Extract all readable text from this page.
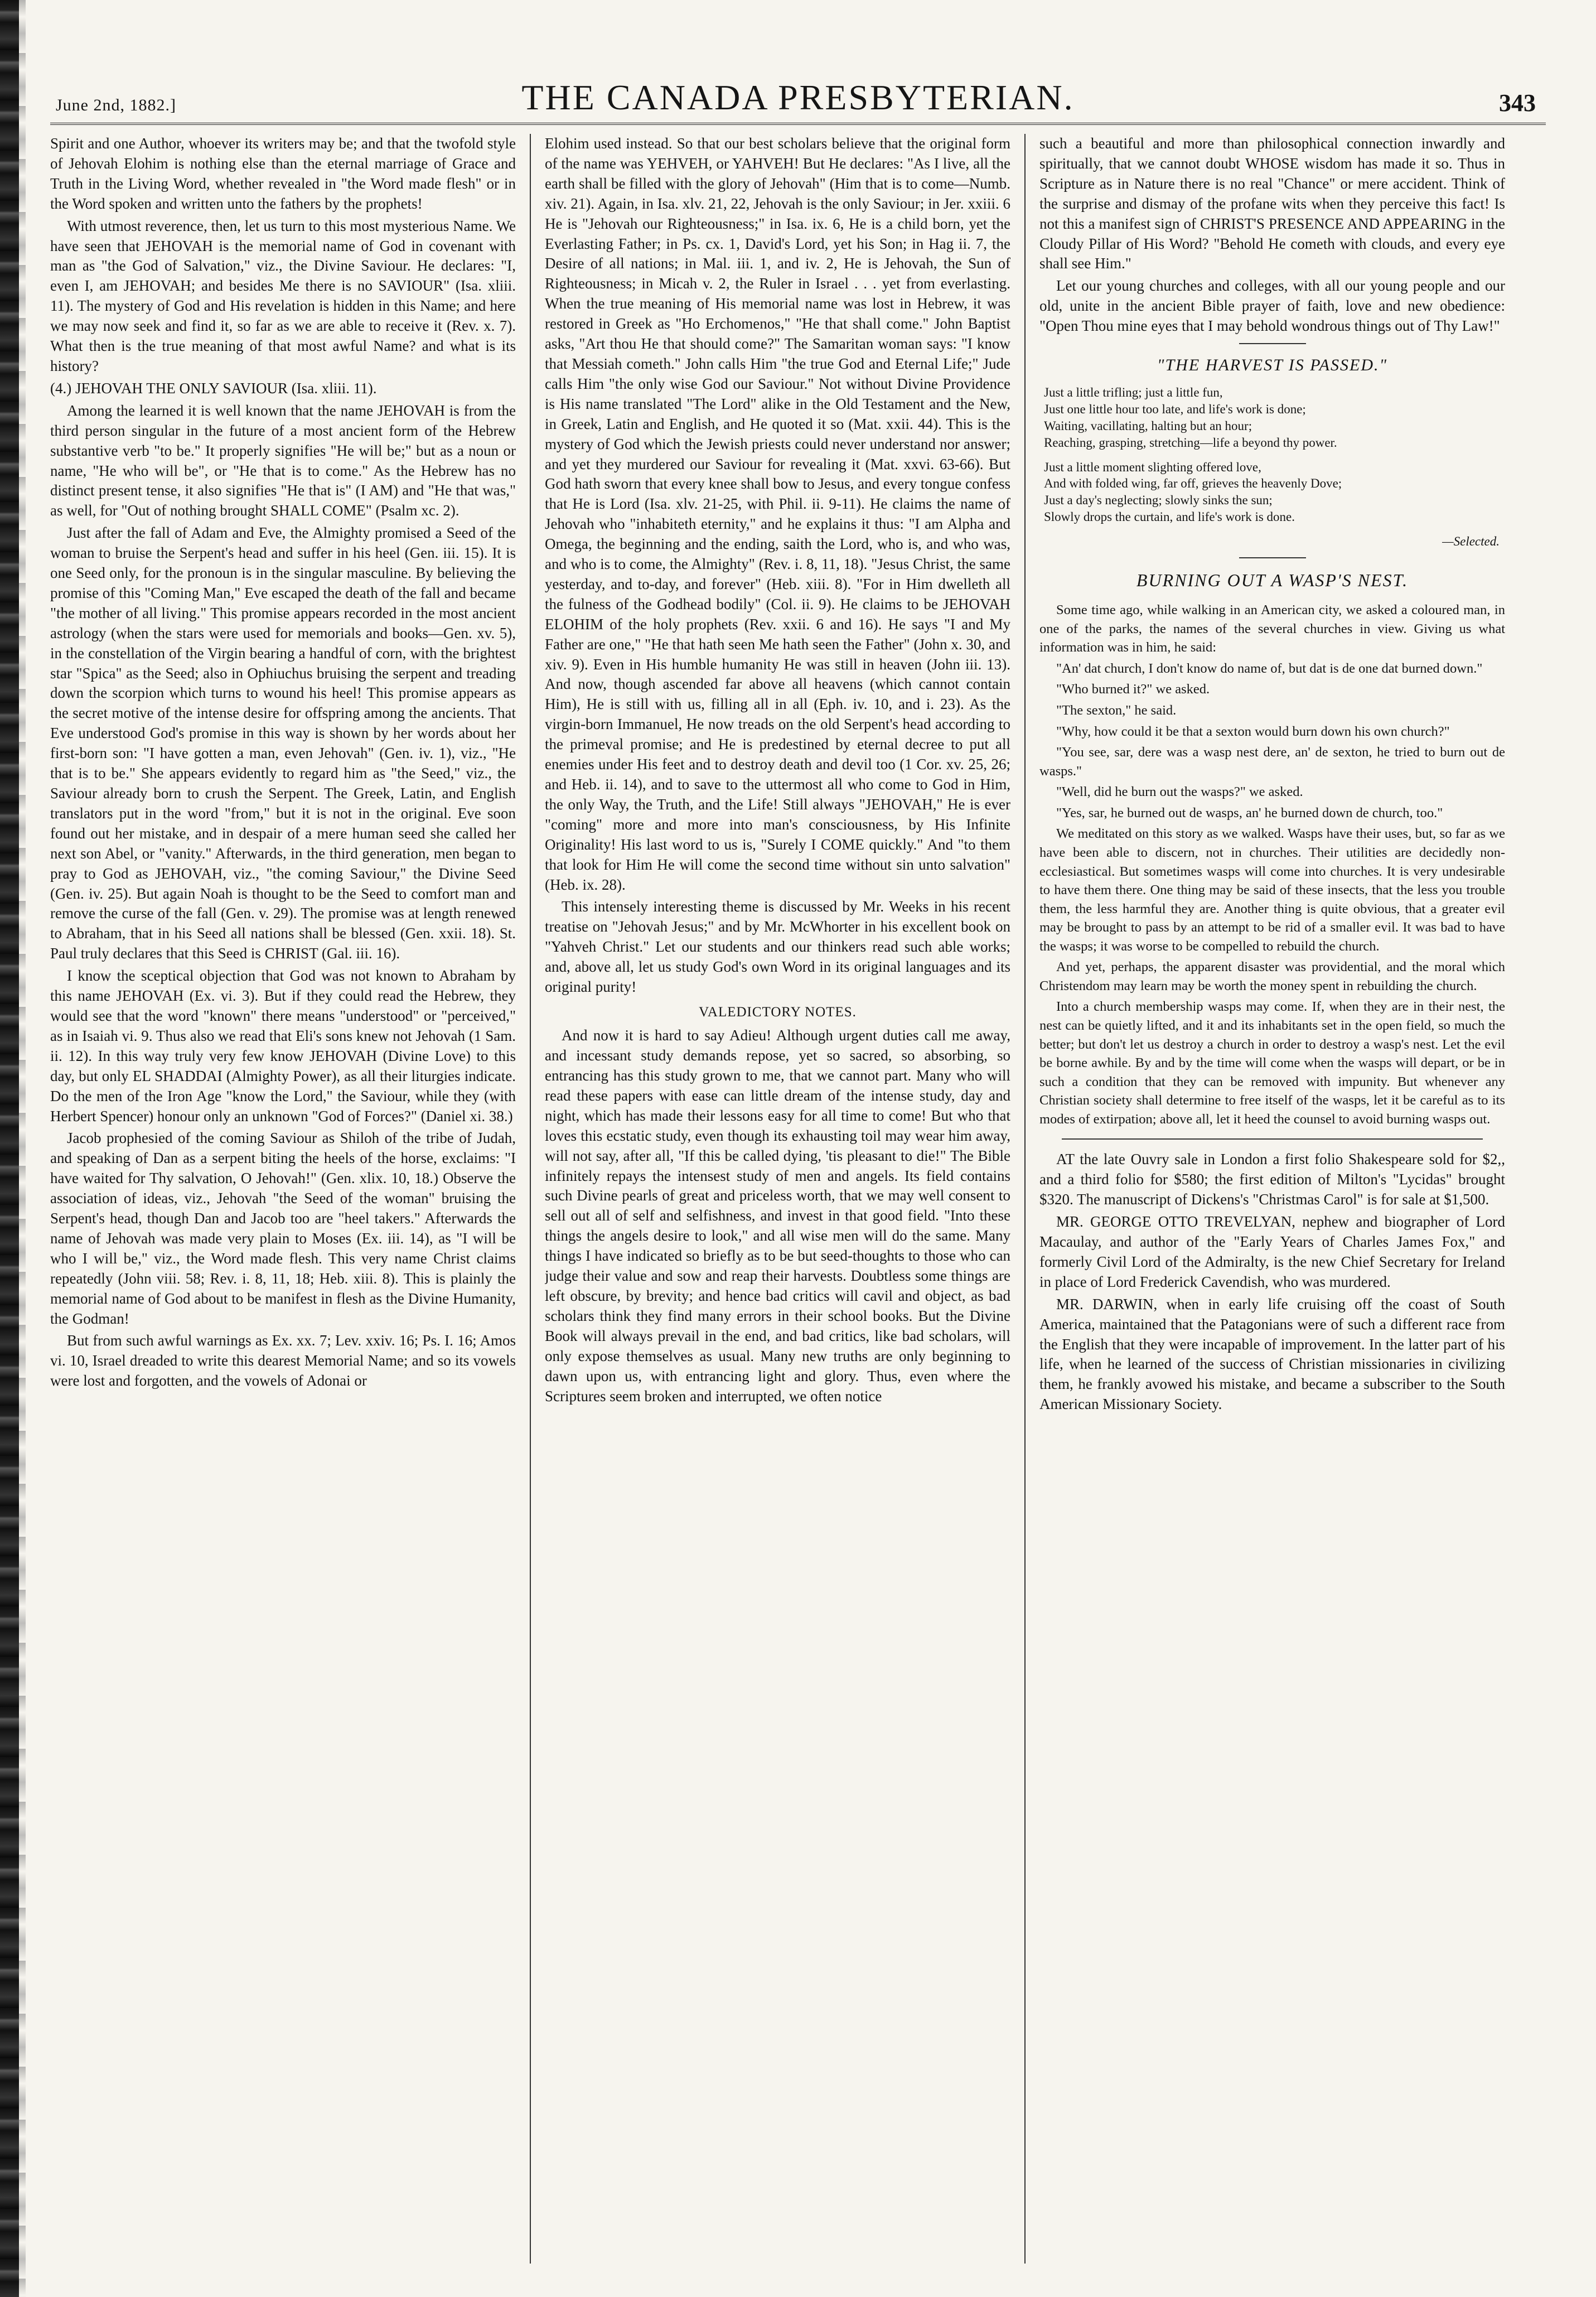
June 2nd, 1882.]	THE CANADA PRESBYTERIAN.	343

Spirit and one Author, whoever its writers may be; and that the twofold style of Jehovah Elohim is nothing else than the eternal marriage of Grace and Truth in the Living Word, whether revealed in "the Word made flesh" or in the Word spoken and written unto the fathers by the prophets!

With utmost reverence, then, let us turn to this most mysterious Name. We have seen that JEHOVAH is the memorial name of God in covenant with man as "the God of Salvation," viz., the Divine Saviour. He declares: "I, even I, am JEHOVAH; and besides Me there is no SAVIOUR" (Isa. xliii. 11). The mystery of God and His revelation is hidden in this Name; and here we may now seek and find it, so far as we are able to receive it (Rev. x. 7). What then is the true meaning of that most awful Name? and what is its history?

(4.) JEHOVAH THE ONLY SAVIOUR (Isa. xliii. 11).

Among the learned it is well known that the name JEHOVAH is from the third person singular in the future of a most ancient form of the Hebrew substantive verb "to be." It properly signifies "He will be;" but as a noun or name, "He who will be", or "He that is to come." As the Hebrew has no distinct present tense, it also signifies "He that is" (I AM) and "He that was," as well, for "Out of nothing brought SHALL COME" (Psalm xc. 2).

Just after the fall of Adam and Eve, the Almighty promised a Seed of the woman to bruise the Serpent's head and suffer in his heel (Gen. iii. 15). It is one Seed only, for the pronoun is in the singular masculine. By believing the promise of this "Coming Man," Eve escaped the death of the fall and became "the mother of all living." This promise appears recorded in the most ancient astrology (when the stars were used for memorials and books—Gen. xv. 5), in the constellation of the Virgin bearing a handful of corn, with the brightest star "Spica" as the Seed; also in Ophiuchus bruising the serpent and treading down the scorpion which turns to wound his heel! This promise appears as the secret motive of the intense desire for offspring among the ancients. That Eve understood God's promise in this way is shown by her words about her first-born son: "I have gotten a man, even Jehovah" (Gen. iv. 1), viz., "He that is to be." She appears evidently to regard him as "the Seed," viz., the Saviour already born to crush the Serpent. The Greek, Latin, and English translators put in the word "from," but it is not in the original. Eve soon found out her mistake, and in despair of a mere human seed she called her next son Abel, or "vanity." Afterwards, in the third generation, men began to pray to God as JEHOVAH, viz., "the coming Saviour," the Divine Seed (Gen. iv. 25). But again Noah is thought to be the Seed to comfort man and remove the curse of the fall (Gen. v. 29). The promise was at length renewed to Abraham, that in his Seed all nations shall be blessed (Gen. xxii. 18). St. Paul truly declares that this Seed is CHRIST (Gal. iii. 16).

I know the sceptical objection that God was not known to Abraham by this name JEHOVAH (Ex. vi. 3). But if they could read the Hebrew, they would see that the word "known" there means "understood" or "perceived," as in Isaiah vi. 9. Thus also we read that Eli's sons knew not Jehovah (1 Sam. ii. 12). In this way truly very few know JEHOVAH (Divine Love) to this day, but only EL SHADDAI (Almighty Power), as all their liturgies indicate. Do the men of the Iron Age "know the Lord," the Saviour, while they (with Herbert Spencer) honour only an unknown "God of Forces?" (Daniel xi. 38.)

Jacob prophesied of the coming Saviour as Shiloh of the tribe of Judah, and speaking of Dan as a serpent biting the heels of the horse, exclaims: "I have waited for Thy salvation, O Jehovah!" (Gen. xlix. 10, 18.) Observe the association of ideas, viz., Jehovah "the Seed of the woman" bruising the Serpent's head, though Dan and Jacob too are "heel takers." Afterwards the name of Jehovah was made very plain to Moses (Ex. iii. 14), as "I will be who I will be," viz., the Word made flesh. This very name Christ claims repeatedly (John viii. 58; Rev. i. 8, 11, 18; Heb. xiii. 8). This is plainly the memorial name of God about to be manifest in flesh as the Divine Humanity, the Godman!

But from such awful warnings as Ex. xx. 7; Lev. xxiv. 16; Ps. I. 16; Amos vi. 10, Israel dreaded to write this dearest Memorial Name; and so its vowels were lost and forgotten, and the vowels of Adonai or

Elohim used instead. So that our best scholars believe that the original form of the name was YEHVEH, or YAHVEH! But He declares: "As I live, all the earth shall be filled with the glory of Jehovah" (Him that is to come—Numb. xiv. 21). Again, in Isa. xlv. 21, 22, Jehovah is the only Saviour; in Jer. xxiii. 6 He is "Jehovah our Righteousness;" in Isa. ix. 6, He is a child born, yet the Everlasting Father; in Ps. cx. 1, David's Lord, yet his Son; in Hag ii. 7, the Desire of all nations; in Mal. iii. 1, and iv. 2, He is Jehovah, the Sun of Righteousness; in Micah v. 2, the Ruler in Israel . . . yet from everlasting. When the true meaning of His memorial name was lost in Hebrew, it was restored in Greek as "Ho Erchomenos," "He that shall come." John Baptist asks, "Art thou He that should come?" The Samaritan woman says: "I know that Messiah cometh." John calls Him "the true God and Eternal Life;" Jude calls Him "the only wise God our Saviour." Not without Divine Providence is His name translated "The Lord" alike in the Old Testament and the New, in Greek, Latin and English, and He quoted it so (Mat. xxii. 44). This is the mystery of God which the Jewish priests could never understand nor answer; and yet they murdered our Saviour for revealing it (Mat. xxvi. 63-66). But God hath sworn that every knee shall bow to Jesus, and every tongue confess that He is Lord (Isa. xlv. 21-25, with Phil. ii. 9-11). He claims the name of Jehovah who "inhabiteth eternity," and he explains it thus: "I am Alpha and Omega, the beginning and the ending, saith the Lord, who is, and who was, and who is to come, the Almighty" (Rev. i. 8, 11, 18). "Jesus Christ, the same yesterday, and to-day, and forever" (Heb. xiii. 8). "For in Him dwelleth all the fulness of the Godhead bodily" (Col. ii. 9). He claims to be JEHOVAH ELOHIM of the holy prophets (Rev. xxii. 6 and 16). He says "I and My Father are one," "He that hath seen Me hath seen the Father" (John x. 30, and xiv. 9). Even in His humble humanity He was still in heaven (John iii. 13). And now, though ascended far above all heavens (which cannot contain Him), He is still with us, filling all in all (Eph. iv. 10, and i. 23). As the virgin-born Immanuel, He now treads on the old Serpent's head according to the primeval promise; and He is predestined by eternal decree to put all enemies under His feet and to destroy death and devil too (1 Cor. xv. 25, 26; and Heb. ii. 14), and to save to the uttermost all who come to God in Him, the only Way, the Truth, and the Life! Still always "JEHOVAH," He is ever "coming" more and more into man's consciousness, by His Infinite Originality! His last word to us is, "Surely I COME quickly." And "to them that look for Him He will come the second time without sin unto salvation" (Heb. ix. 28).

This intensely interesting theme is discussed by Mr. Weeks in his recent treatise on "Jehovah Jesus;" and by Mr. McWhorter in his excellent book on "Yahveh Christ." Let our students and our thinkers read such able works; and, above all, let us study God's own Word in its original languages and its original purity!

VALEDICTORY NOTES.

And now it is hard to say Adieu! Although urgent duties call me away, and incessant study demands repose, yet so sacred, so absorbing, so entrancing has this study grown to me, that we cannot part. Many who will read these papers with ease can little dream of the intense study, day and night, which has made their lessons easy for all time to come! But who that loves this ecstatic study, even though its exhausting toil may wear him away, will not say, after all, "If this be called dying, 'tis pleasant to die!" The Bible infinitely repays the intensest study of men and angels. Its field contains such Divine pearls of great and priceless worth, that we may well consent to sell out all of self and selfishness, and invest in that good field. "Into these things the angels desire to look," and all wise men will do the same. Many things I have indicated so briefly as to be but seed-thoughts to those who can judge their value and sow and reap their harvests. Doubtless some things are left obscure, by brevity; and hence bad critics will cavil and object, as bad scholars think they find many errors in their school books. But the Divine Book will always prevail in the end, and bad critics, like bad scholars, will only expose themselves as usual. Many new truths are only beginning to dawn upon us, with entrancing light and glory. Thus, even where the Scriptures seem broken and interrupted, we often notice

such a beautiful and more than philosophical connection inwardly and spiritually, that we cannot doubt WHOSE wisdom has made it so. Thus in Scripture as in Nature there is no real "Chance" or mere accident. Think of the surprise and dismay of the profane wits when they perceive this fact! Is not this a manifest sign of CHRIST'S PRESENCE AND APPEARING in the Cloudy Pillar of His Word? "Behold He cometh with clouds, and every eye shall see Him."

Let our young churches and colleges, with all our young people and our old, unite in the ancient Bible prayer of faith, love and new obedience: "Open Thou mine eyes that I may behold wondrous things out of Thy Law!"

"THE HARVEST IS PASSED."
Just a little trifling; just a little fun,
Just one little hour too late, and life's work is done;
Waiting, vacillating, halting but an hour;
Reaching, grasping, stretching—life a beyond thy power.
Just a little moment slighting offered love,
And with folded wing, far off, grieves the heavenly Dove;
Just a day's neglecting; slowly sinks the sun;
Slowly drops the curtain, and life's work is done.
—Selected.
BURNING OUT A WASP'S NEST.

Some time ago, while walking in an American city, we asked a coloured man, in one of the parks, the names of the several churches in view. Giving us what information was in him, he said:

"An' dat church, I don't know do name of, but dat is de one dat burned down."

"Who burned it?" we asked.

"The sexton," he said.

"Why, how could it be that a sexton would burn down his own church?"

"You see, sar, dere was a wasp nest dere, an' de sexton, he tried to burn out de wasps."

"Well, did he burn out the wasps?" we asked.

"Yes, sar, he burned out de wasps, an' he burned down de church, too."

We meditated on this story as we walked. Wasps have their uses, but, so far as we have been able to discern, not in churches. Their utilities are decidedly non-ecclesiastical. But sometimes wasps will come into churches. It is very undesirable to have them there. One thing may be said of these insects, that the less you trouble them, the less harmful they are. Another thing is quite obvious, that a greater evil may be brought to pass by an attempt to be rid of a smaller evil. It was bad to have the wasps; it was worse to be compelled to rebuild the church.

And yet, perhaps, the apparent disaster was providential, and the moral which Christendom may learn may be worth the money spent in rebuilding the church.

Into a church membership wasps may come. If, when they are in their nest, the nest can be quietly lifted, and it and its inhabitants set in the open field, so much the better; but don't let us destroy a church in order to destroy a wasp's nest. Let the evil be borne awhile. By and by the time will come when the wasps will depart, or be in such a condition that they can be removed with impunity. But whenever any Christian society shall determine to free itself of the wasps, let it be careful as to its modes of extirpation; above all, let it heed the counsel to avoid burning wasps out.

AT the late Ouvry sale in London a first folio Shakespeare sold for $2,, and a third folio for $580; the first edition of Milton's "Lycidas" brought $320. The manuscript of Dickens's "Christmas Carol" is for sale at $1,500.

MR. GEORGE OTTO TREVELYAN, nephew and biographer of Lord Macaulay, and author of the "Early Years of Charles James Fox," and formerly Civil Lord of the Admiralty, is the new Chief Secretary for Ireland in place of Lord Frederick Cavendish, who was murdered.

MR. DARWIN, when in early life cruising off the coast of South America, maintained that the Patagonians were of such a different race from the English that they were incapable of improvement. In the latter part of his life, when he learned of the success of Christian missionaries in civilizing them, he frankly avowed his mistake, and became a subscriber to the South American Missionary Society.
